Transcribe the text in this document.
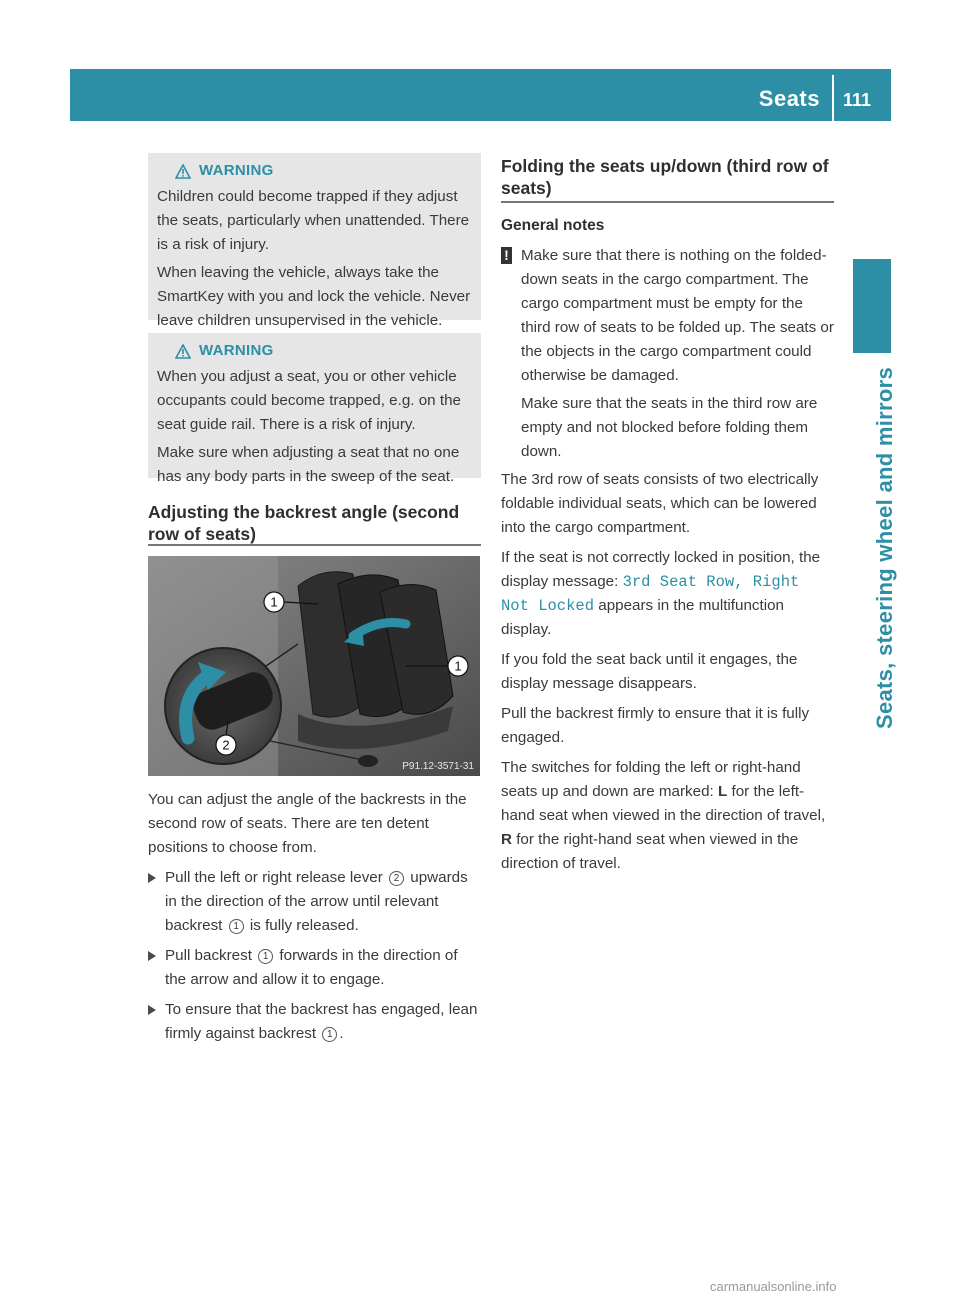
Seats 111
Seats, steering wheel and mirrors
WARNING

Children could become trapped if they adjust the seats, particularly when unattended. There is a risk of injury.

When leaving the vehicle, always take the SmartKey with you and lock the vehicle. Never leave children unsupervised in the vehicle.

WARNING

When you adjust a seat, you or other vehicle occupants could become trapped, e.g. on the seat guide rail. There is a risk of injury.

Make sure when adjusting a seat that no one has any body parts in the sweep of the seat.

Adjusting the backrest angle (second row of seats)
1
1
2
P91.12-3571-31

You can adjust the angle of the backrests in the second row of seats. There are ten detent positions to choose from.

Pull the left or right release lever 2 upwards in the direction of the arrow until relevant backrest 1 is fully released.
Pull backrest 1 forwards in the direction of the arrow and allow it to engage.
To ensure that the backrest has engaged, lean firmly against backrest 1 .
Folding the seats up/down (third row of seats)
General notes
! Make sure that there is nothing on the folded-down seats in the cargo compartment. The cargo compartment must be empty for the third row of seats to be folded up. The seats or the objects in the cargo compartment could otherwise be damaged.

Make sure that the seats in the third row are empty and not blocked before folding them down.

The 3rd row of seats consists of two electrically foldable individual seats, which can be lowered into the cargo compartment.

If the seat is not correctly locked in position, the display message: 3rd Seat Row, Right Not Locked appears in the multifunction display.

If you fold the seat back until it engages, the display message disappears.

Pull the backrest firmly to ensure that it is fully engaged.

The switches for folding the left or right-hand seats up and down are marked: L for the left-hand seat when viewed in the direction of travel, R for the right-hand seat when viewed in the direction of travel.

carmanualsonline.info
